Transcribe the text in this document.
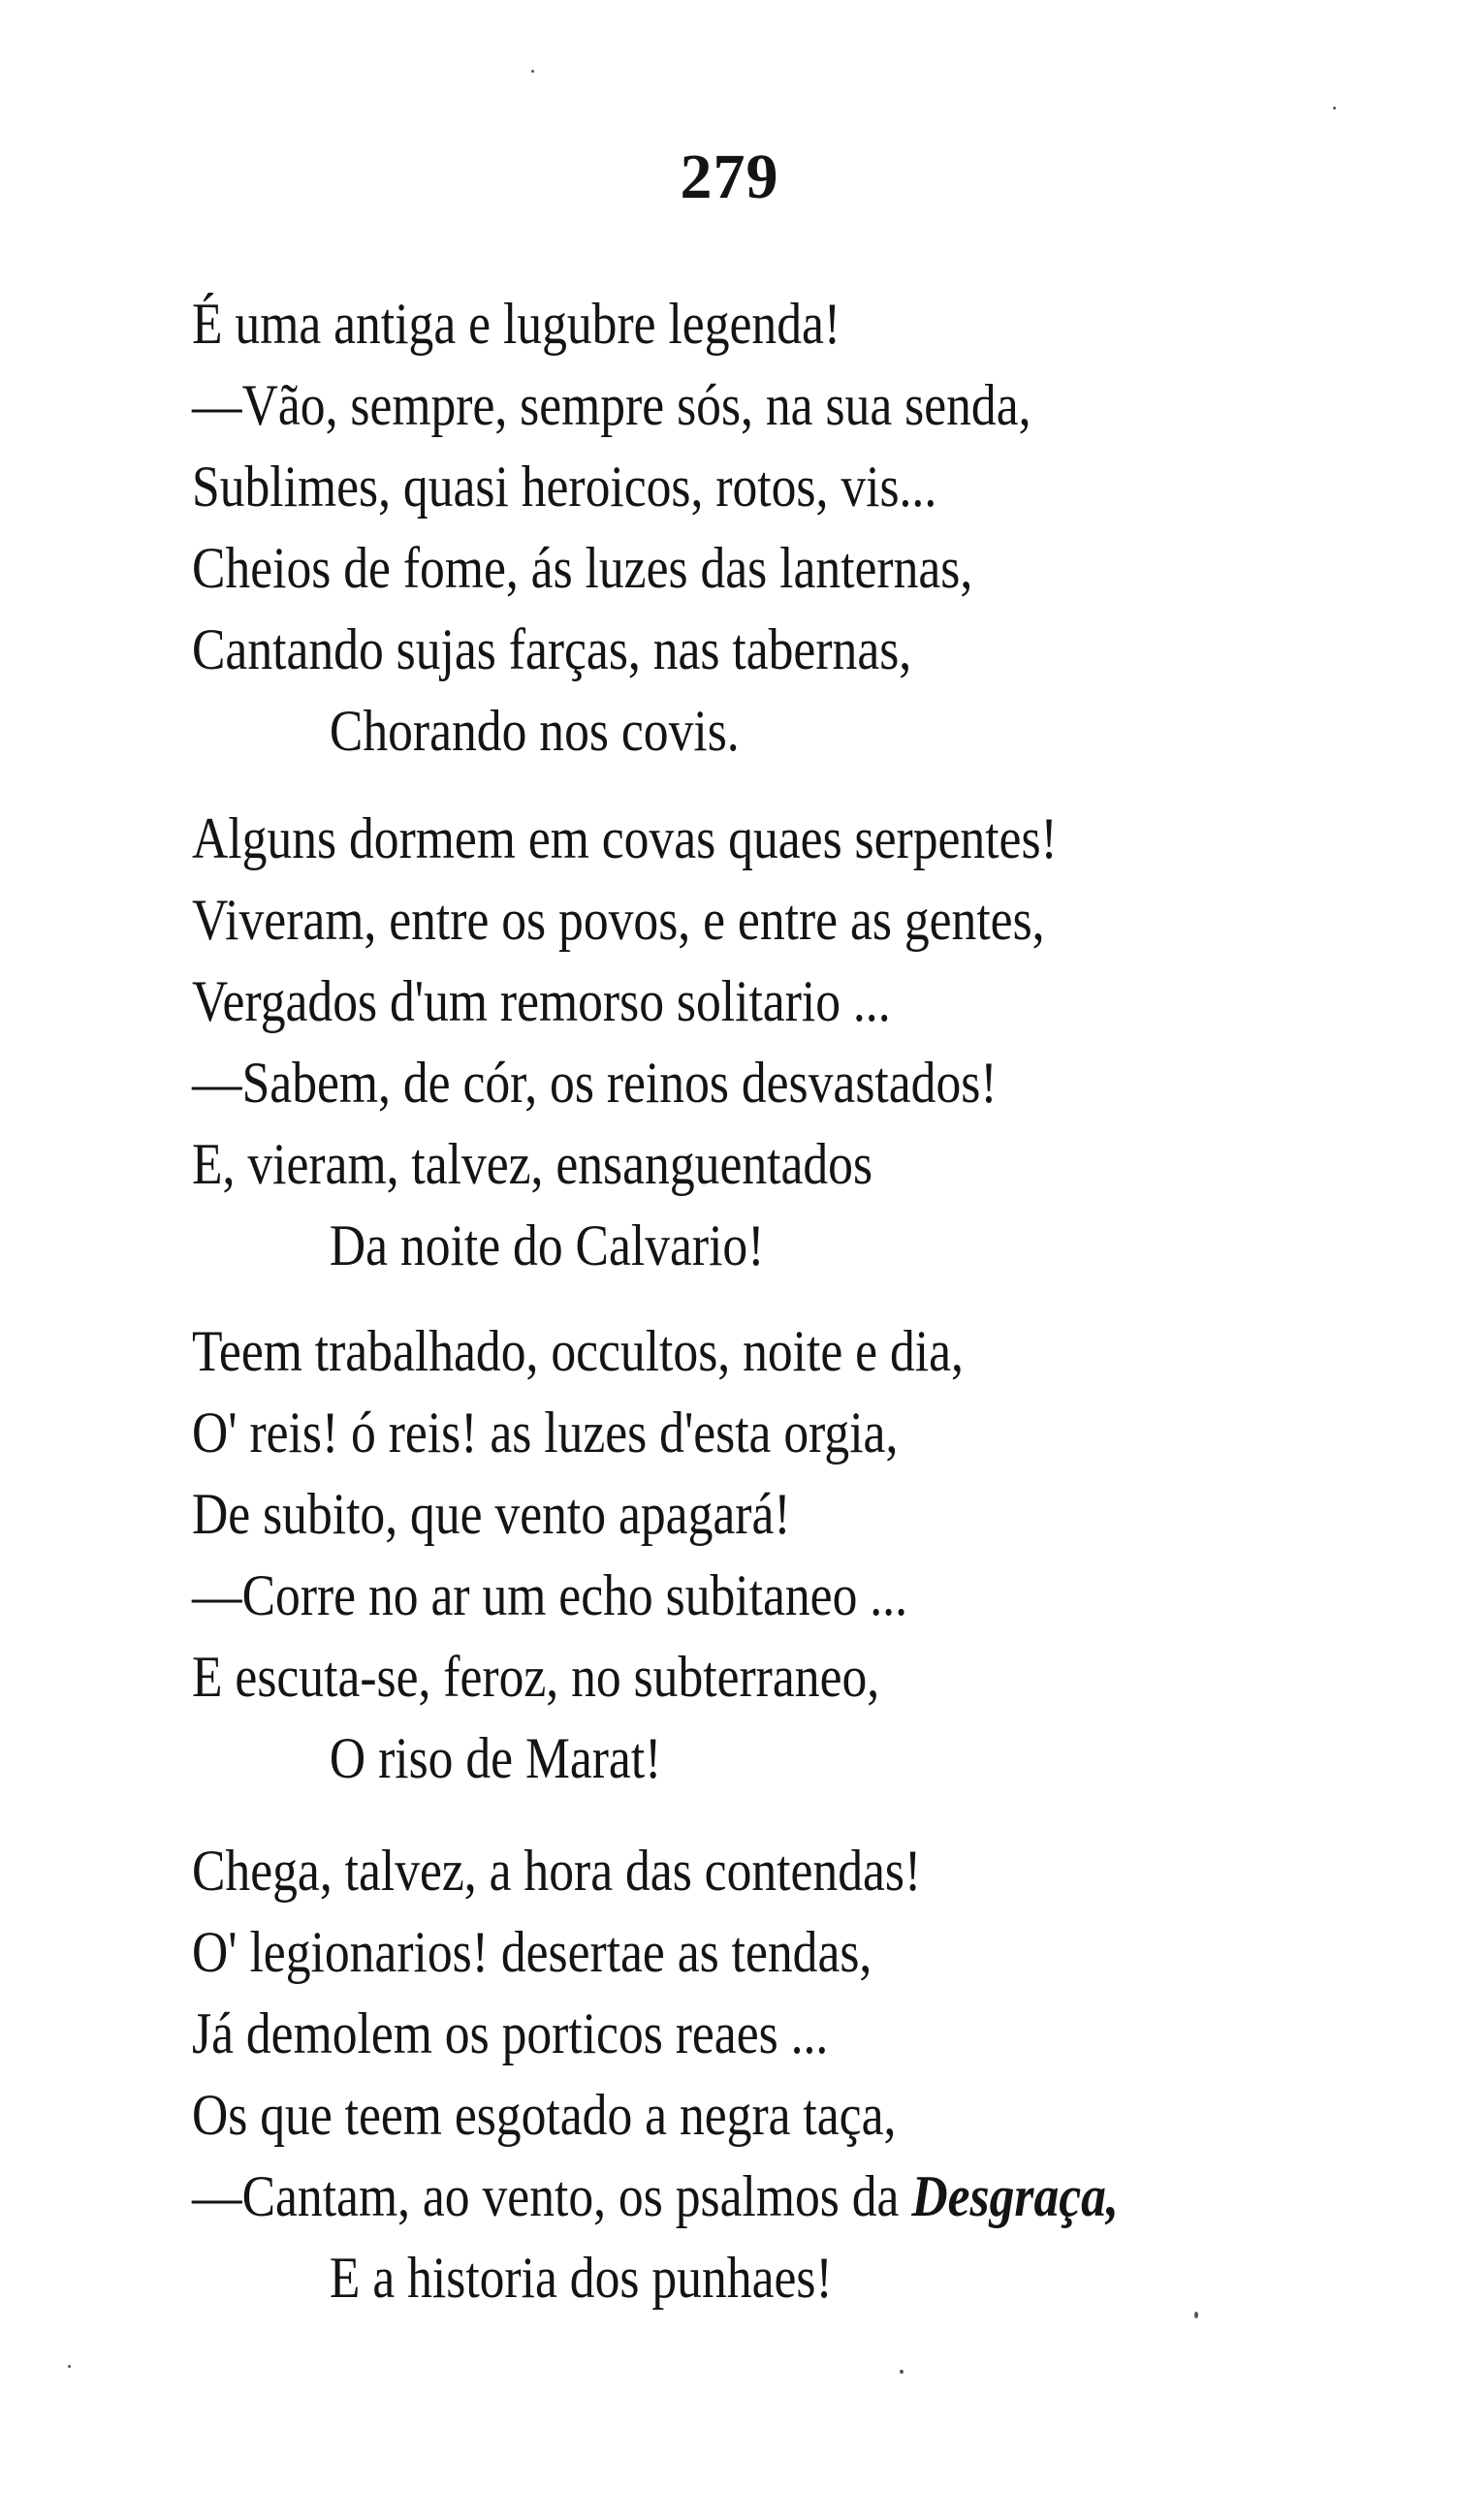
279
É uma antiga e lugubre legenda!
—Vão, sempre, sempre sós, na sua senda,
Sublimes, quasi heroicos, rotos, vis...
Cheios de fome, ás luzes das lanternas,
Cantando sujas farças, nas tabernas,
Chorando nos covis.
Alguns dormem em covas quaes serpentes!
Viveram, entre os povos, e entre as gentes,
Vergados d'um remorso solitario ...
—Sabem, de cór, os reinos desvastados!
E, vieram, talvez, ensanguentados
Da noite do Calvario!
Teem trabalhado, occultos, noite e dia,
O' reis! ó reis! as luzes d'esta orgia,
De subito, que vento apagará!
—Corre no ar um echo subitaneo ...
E escuta-se, feroz, no subterraneo,
O riso de Marat!
Chega, talvez, a hora das contendas!
O' legionarios! desertae as tendas,
Já demolem os porticos reaes ...
Os que teem esgotado a negra taça,
—Cantam, ao vento, os psalmos da Desgraça,
E a historia dos punhaes!
